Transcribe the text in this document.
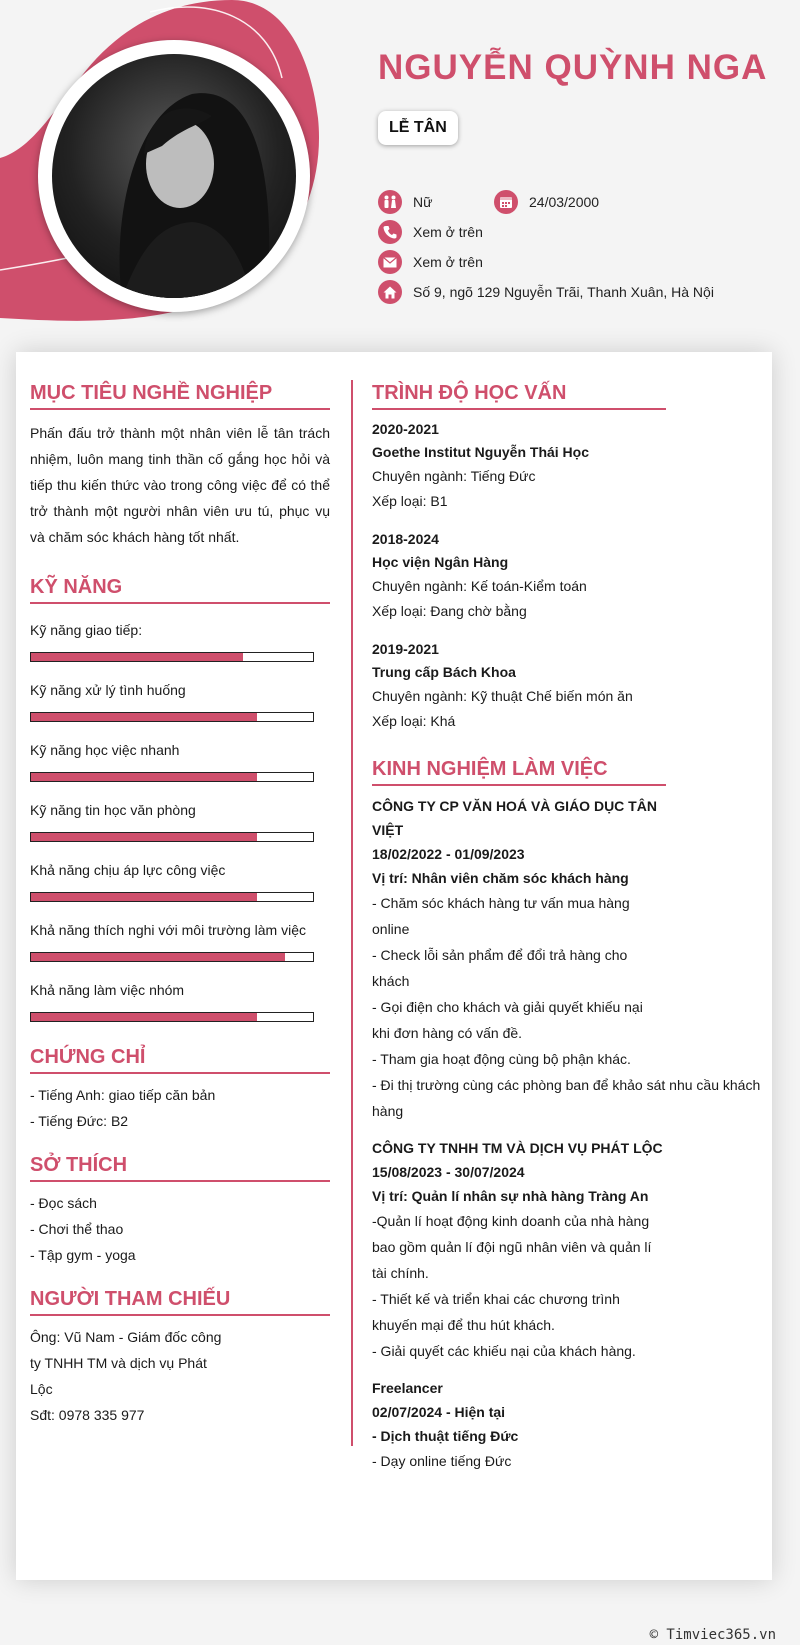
NGUYỄN QUỲNH NGA
LỄ TÂN
Nữ	24/03/2000
Xem ở trên
Xem ở trên
Số 9, ngõ 129 Nguyễn Trãi, Thanh Xuân, Hà Nội
MỤC TIÊU NGHỀ NGHIỆP

Phấn đấu trở thành một nhân viên lễ tân trách nhiệm, luôn mang tinh thần cố gắng học hỏi và tiếp thu kiến thức vào trong công việc để có thể trở thành một người nhân viên ưu tú, phục vụ và chăm sóc khách hàng tốt nhất.

KỸ NĂNG

Kỹ năng giao tiếp:

Kỹ năng xử lý tình huống

Kỹ năng học việc nhanh

Kỹ năng tin học văn phòng

Khả năng chịu áp lực công việc

Khả năng thích nghi với môi trường làm việc

Khả năng làm việc nhóm

CHỨNG CHỈ

- Tiếng Anh: giao tiếp căn bản

- Tiếng Đức: B2

SỞ THÍCH

- Đọc sách

- Chơi thể thao

- Tập gym - yoga

NGƯỜI THAM CHIẾU

Ông: Vũ Nam - Giám đốc công

ty TNHH TM và dịch vụ Phát

Lộc

Sđt: 0978 335 977

TRÌNH ĐỘ HỌC VẤN

2020-2021

Goethe Institut Nguyễn Thái Học

Chuyên ngành: Tiếng Đức

Xếp loại: B1

2018-2024

Học viện Ngân Hàng

Chuyên ngành: Kế toán-Kiểm toán

Xếp loại: Đang chờ bằng

2019-2021

Trung cấp Bách Khoa

Chuyên ngành: Kỹ thuật Chế biến món ăn

Xếp loại: Khá

KINH NGHIỆM LÀM VIỆC

CÔNG TY CP VĂN HOÁ VÀ GIÁO DỤC TÂN

VIỆT

18/02/2022 - 01/09/2023

Vị trí: Nhân viên chăm sóc khách hàng

- Chăm sóc khách hàng tư vấn mua hàng

online

- Check lỗi sản phẩm để đổi trả hàng cho

khách

- Gọi điện cho khách và giải quyết khiếu nại

khi đơn hàng có vấn đề.

- Tham gia hoạt động cùng bộ phận khác.

- Đi thị trường cùng các phòng ban để khảo sát nhu cầu khách

hàng

CÔNG TY TNHH TM VÀ DỊCH VỤ PHÁT LỘC

15/08/2023 - 30/07/2024

Vị trí: Quản lí nhân sự nhà hàng Tràng An

-Quản lí hoạt động kinh doanh của nhà hàng

bao gồm quản lí đội ngũ nhân viên và quản lí

tài chính.

- Thiết kế và triển khai các chương trình

khuyến mại để thu hút khách.

- Giải quyết các khiếu nại của khách hàng.

Freelancer

02/07/2024 - Hiện tại

- Dịch thuật tiếng Đức

- Dạy online tiếng Đức

© Timviec365.vn
